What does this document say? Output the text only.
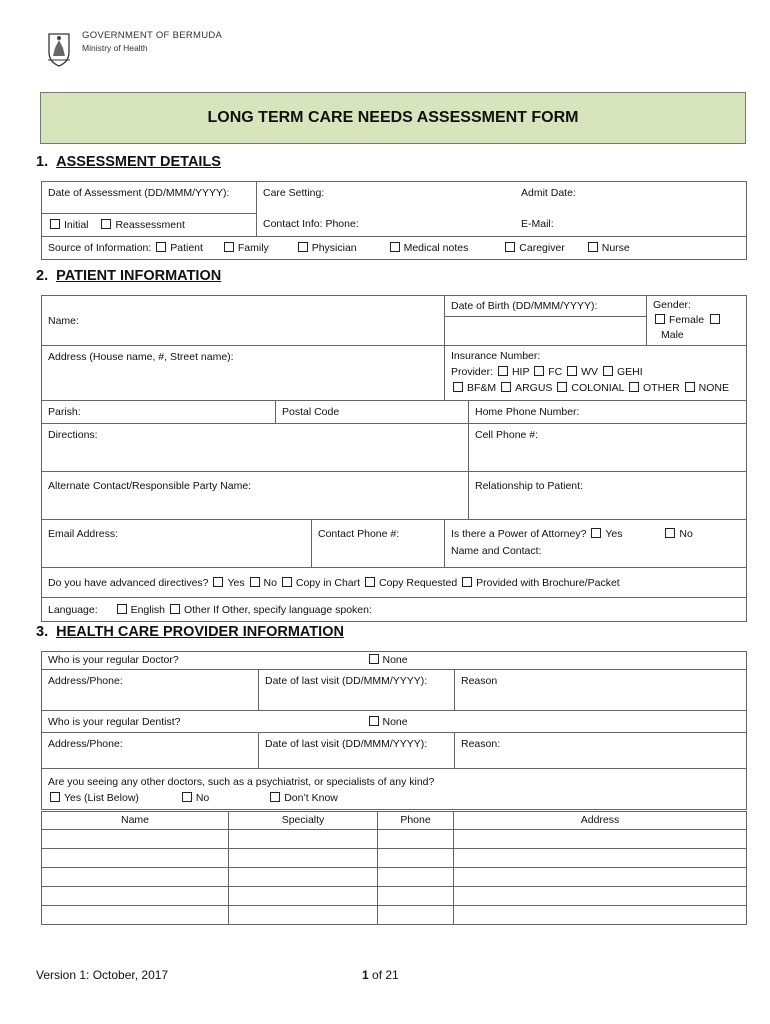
GOVERNMENT OF BERMUDA
Ministry of Health
LONG TERM CARE NEEDS ASSESSMENT FORM
1. ASSESSMENT DETAILS
Date of Assessment (DD/MMM/YYYY):	Care Setting:	Admit Date:
Contact Info: Phone:	E-Mail:

Initial	Reassessment
Source of Information: Patient	Family	Physician	Medical notes	Caregiver	Nurse
2. PATIENT INFORMATION
Name:			Date of Birth (DD/MMM/YYYY):		Gender:
FemaleMale

Address (House name, #, Street name):			Insurance Number:
Provider: HIP FC WV GEHI
BF&M ARGUS COLONIAL OTHER NONE		

Parish:	Postal Code			Home Phone Number:	
Directions:				Cell Phone #:	
Alternate Contact/Responsible Party Name:				Relationship to Patient:	
Email Address:		Contact Phone #:	Is there a Power of Attorney? Yes No
Name and Contact:		

Do you have advanced directives? Yes No Copy in Chart Copy Requested Provided with Brochure/Packet					
Language: English Other If Other, specify language spoken:					
3. HEALTH CARE PROVIDER INFORMATION
Who is your regular Doctor? None		

Address/Phone:	Date of last visit (DD/MMM/YYYY):	Reason
Who is your regular Dentist? None		

Address/Phone:	Date of last visit (DD/MMM/YYYY):	Reason:

Are you seeing any other doctors, such as a psychiatrist, or specialists of any kind?
Yes (List Below) No Don’t Know		
Name	Specialty	Phone	Address

Version 1: October, 2017	1 of 21
